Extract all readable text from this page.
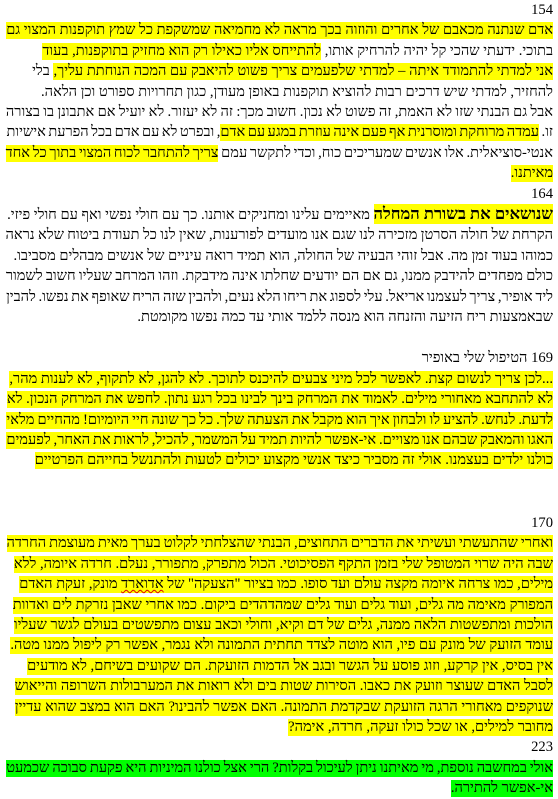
154
אדם שנתנה מכאבם של אחרים והוזוה בכך מראה לא מחמיאה שמשקפת כל שמץ תוקפנות המצוי גם
בתוכי. ידעתי שהכי קל יהיה להרחיק אותו, להתייחס אליו כאילו רק הוא מחזיק בתוקפנות, בעוד
אני למדתי להתמודד איתה – למדתי שלפעמים צריך פשוט להיאבק עם המכה הנוחתת עליך, בלי
להחזיר, למדתי שיש דרכים רבות להוציא תוקפנות באופן מעודן, כגון תחרויות ספורט וכן הלאה.
אבל גם הבנתי שזו לא האמת, זה פשוט לא נכון. חשוב מכך: זה לא יעזור. לא יועיל אם אתבונן בו בצורה
זו. עמדה מרוחקת ומוסרנית אף פעם אינה עוזרת במגע עם אדם, ובפרט לא עם אדם בכל הפרעת אישיות
אנטי-סוציאלית. אלו אנשים שמעריכים כוח, וכדי לתקשר עמם צריך להתחבר לכוח המצוי בתוך כל אחד
מאיתנו.
164
שנושאים את בשורת המחלה מאיימים עלינו ומחניקים אותנו. כך עם חולי נפשי ואף עם חולי פיזי.
הקרחת של חולה הסרטן מזכירה לנו שגם אנו מועדים לפורענות, שאין לנו כל תעודת ביטוח שלא נראה
כמוהו בעוד זמן מה. אבל זוהי הבעיה של החולה, הוא תמיד רואה עיניים של אנשים מבהלים מסביבו.
כולם מפחדים להידבק ממנו, גם אם הם יודעים שחלתו אינה מידבקת. וזהו המרחב שעליו חשוב לשמור
ליד אופיר, צריך לעצמנו אריאל. עלי לספוג את ריחו הלא נעים, ולהבין שזה הריח שאופף את נפשו. להבין
שבאמצעות ריח הזיעה והזנחה הוא מנסה ללמד אותי עד כמה נפשו מקומטת.
169 הטיפול שלי באופיר
...לכן צריך לנשום קצת. לאפשר לכל מיני צבעים להיכנס לתוכך. לא להגן, לא לתקוף, לא לענות מהר,
לא להתחבא מאחורי מילים. לאמוד את המרחק בינך לבינו בכל רגע נתון. לחפש את המרחק הנכון. לא
לדעת. לנחש. להציע לו ולבחון איך הוא מקבל את הצעתה שלך. כל כך שונה חיי היומיום! מהחיים מלאי
האגו והמאבק שבהם אנו מצויים. אי-אפשר להיות תמיד על המשמר, להכיל, לראות את האחר, לפעמים
כולנו ילדים בעצמנו. אולי זה מסביר כיצד אנשי מקצוע יכולים לטעות ולהתנשל בחייהם הפרטיים
170
ואחרי שהתעשתי ועשיתי את הדברים התחוצים, הבנתי שהצלחתי לקלוט בערך מאית מעוצמת החרדה
שבה היה שרוי המטופל שלי בזמן התקף הפסיכוטי. הכול מתפרק, מתפורר, נעלם. חרדה איומה, ללא
מילים, כמו צרחה איומה מקצה עולם ועד סופו. כמו בציור "הצעקה" של אדוארד מונק, זעקת האדם
המפורק מאימה מה גלים, ועוד גלים ועוד גלים שמהדהדים ביקום. כמו אחרי שאבן נזרקת לים ואדוות
הולכות ומתפשטות הלאה ממנה, גלים של דם וקיא, וחולי וכאב עצום מתפשטים בעולם לגשר שעליו
עומד הזועק של מונק עם פיו, הוא מוטה לצדד תחתית התמונה ולא נגמר, אפשר רק ליפול ממנו מטה.
אין בסיס, אין קרקע, וזוג פוסע על הגשר ובגב אל הדמות הזועקת. הם שקועים בשיחם, לא מודעים
לסבל האדם שעוצר וזועק את כאבו. הסירות שטות בים ולא רואות את המערבולות השרופה והייאוש
שנוקפים מאחורי הרגה הזועקת שבקדמת התמונה. האם אפשר להבינו? האם הוא במצב שהוא עדיין
מחובר למילים, או שכל כולו זעקה, חרדה, אימה?
223
אולי במחשבה נוספת, מי מאיתנו ניתן לעיכול בקלות? הרי אצל כולנו המיניות היא פקעת סבוכה שכמעט
אי-אפשר להתירה.
